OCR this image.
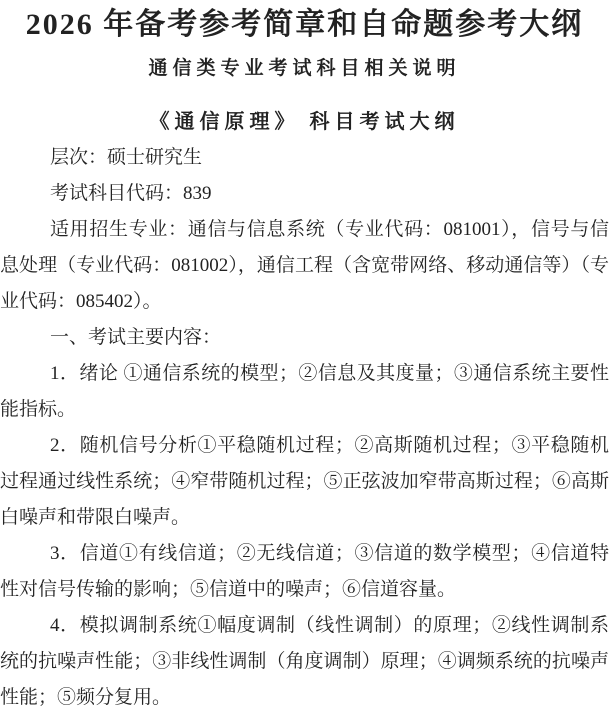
2026 年备考参考简章和自命题参考大纲
通信类专业考试科目相关说明
《通信原理》 科目考试大纲

层次：硕士研究生

考试科目代码：839

适用招生专业：通信与信息系统（专业代码：081001），信号与信息处理（专业代码：081002），通信工程（含宽带网络、移动通信等）（专业代码：085402）。

一、考试主要内容：

1．绪论 ①通信系统的模型；②信息及其度量；③通信系统主要性能指标。

2．随机信号分析①平稳随机过程；②高斯随机过程；③平稳随机过程通过线性系统；④窄带随机过程；⑤正弦波加窄带高斯过程；⑥高斯白噪声和带限白噪声。

3．信道①有线信道；②无线信道；③信道的数学模型；④信道特性对信号传输的影响；⑤信道中的噪声；⑥信道容量。

4．模拟调制系统①幅度调制（线性调制）的原理；②线性调制系统的抗噪声性能；③非线性调制（角度调制）原理；④调频系统的抗噪声性能；⑤频分复用。
